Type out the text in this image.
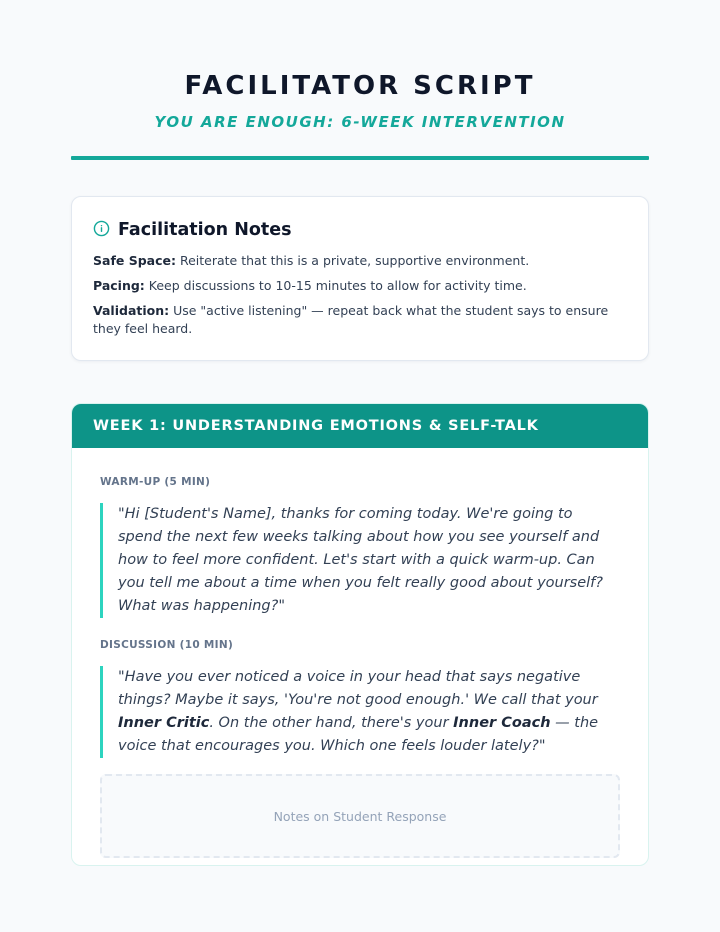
FACILITATOR SCRIPT
YOU ARE ENOUGH: 6-WEEK INTERVENTION
Facilitation Notes

Safe Space: Reiterate that this is a private, supportive environment.

Pacing: Keep discussions to 10-15 minutes to allow for activity time.

Validation: Use "active listening" — repeat back what the student says to ensure they feel heard.

WEEK 1: UNDERSTANDING EMOTIONS & SELF-TALK
WARM-UP (5 MIN)
"Hi [Student's Name], thanks for coming today. We're going to spend the next few weeks talking about how you see yourself and how to feel more confident. Let's start with a quick warm-up. Can you tell me about a time when you felt really good about yourself? What was happening?"
DISCUSSION (10 MIN)
"Have you ever noticed a voice in your head that says negative things? Maybe it says, 'You're not good enough.' We call that your Inner Critic. On the other hand, there's your Inner Coach — the voice that encourages you. Which one feels louder lately?"
Notes on Student Response
